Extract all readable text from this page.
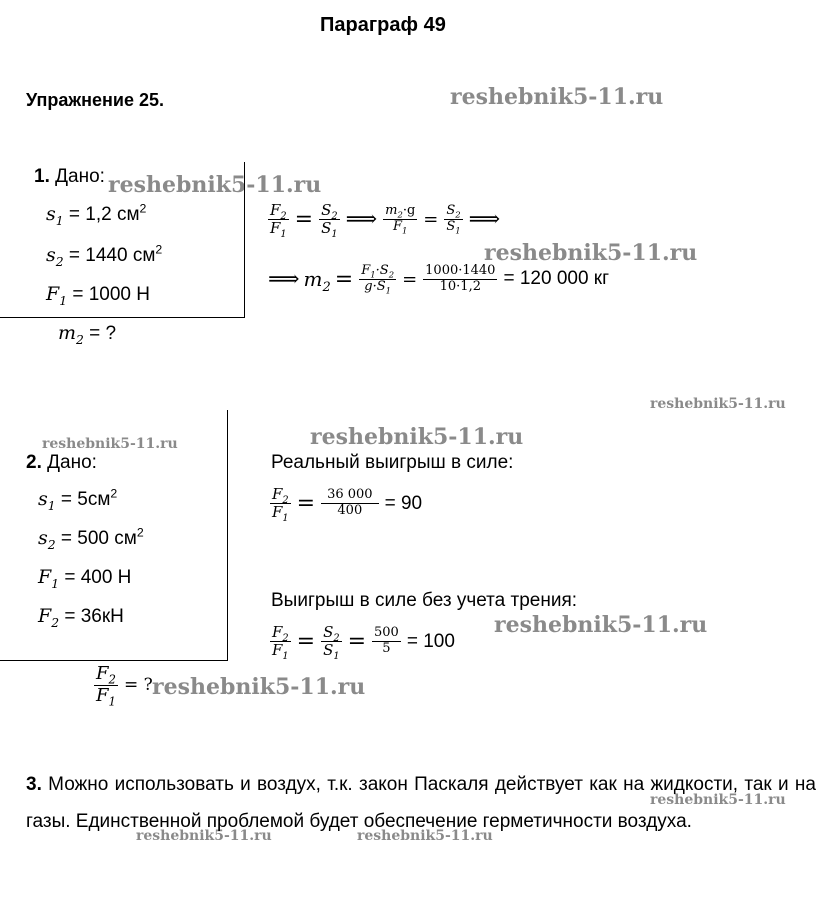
Параграф 49
Упражнение 25.	reshebnik5-11.ru
reshebnik5-11.ru
reshebnik5-11.ru
reshebnik5-11.ru
reshebnik5-11.ru
reshebnik5-11.ru
reshebnik5-11.ru
reshebnik5-11.ru
reshebnik5-11.ru
reshebnik5-11.ru	reshebnik5-11.ru
1. Дано:
$s_1 = 1,2$ $см^2$
$s_2 = 1440$ $см^2$
$F_1 = 1000$ Н
$m_2$ = ?
$\frac{F_2}{F_1} = \frac{S_2}{S_1}$ ⟹ $\frac{m_2\cdot g}{F_1} = \frac{S_2}{S_1}$ ⟹
⟹ $m_2 = \frac{F_1\cdot S_2}{g\cdot S_1} = \frac{1000\cdot 1440}{10\cdot 1,2} = 120$ 000 кг
2. Дано:
$s_1 = 5см^2$
$s_2 = 500$ $см^2$
$F_1 = 400$ Н
$F_2 = 36кН$
$\frac{F_2}{F_1}$ = ?
Реальный выигрыш в силе:
$\frac{F_2}{F_1} = \frac{36 000}{400} = 90$
Выигрыш в силе без учета трения:
$\frac{F_2}{F_1} = \frac{S_2}{S_1} = \frac{500}{5} = 100$
3. Можно использовать и воздух, т.к. закон Паскаля действует как на жидкости, так и на газы. Единственной проблемой будет обеспечение герметичности воздуха.
